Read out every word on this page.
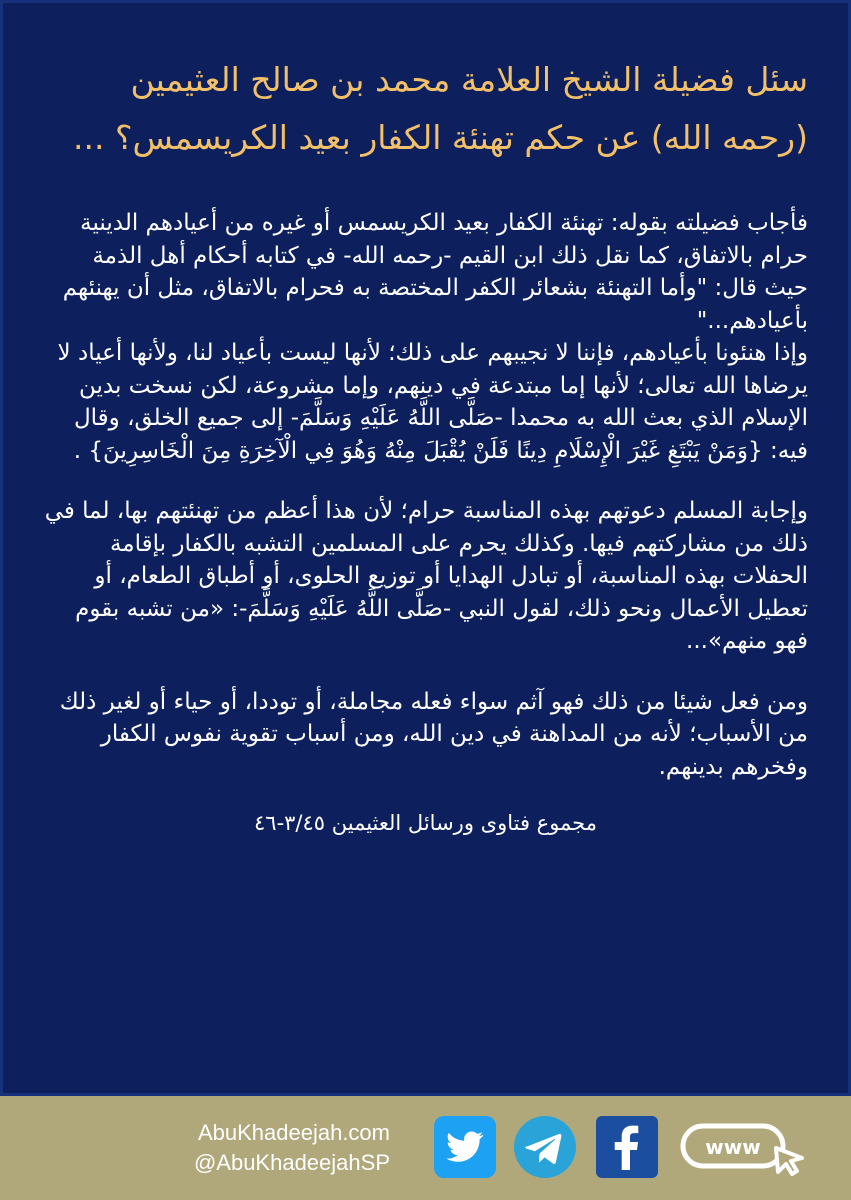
سئل فضيلة الشيخ العلامة محمد بن صالح العثيمين (رحمه الله) عن حكم تهنئة الكفار بعيد الكريسمس؟ ...

فأجاب فضيلته بقوله: تهنئة الكفار بعيد الكريسمس أو غيره من أعيادهم الدينية حرام بالاتفاق، كما نقل ذلك ابن القيم -رحمه الله- في كتابه أحكام أهل الذمة حيث قال: "وأما التهنئة بشعائر الكفر المختصة به فحرام بالاتفاق، مثل أن يهنئهم بأعيادهم..."

وإذا هنئونا بأعيادهم، فإننا لا نجيبهم على ذلك؛ لأنها ليست بأعياد لنا، ولأنها أعياد لا يرضاها الله تعالى؛ لأنها إما مبتدعة في دينهم، وإما مشروعة، لكن نسخت بدين الإسلام الذي بعث الله به محمدا -صَلَّى اللَّهُ عَلَيْهِ وَسَلَّمَ- إلى جميع الخلق، وقال فيه: {وَمَنْ يَبْتَغِ غَيْرَ الْإِسْلَامِ دِينًا فَلَنْ يُقْبَلَ مِنْهُ وَهُوَ فِي الْآخِرَةِ مِنَ الْخَاسِرِينَ} .

وإجابة المسلم دعوتهم بهذه المناسبة حرام؛ لأن هذا أعظم من تهنئتهم بها، لما في ذلك من مشاركتهم فيها. وكذلك يحرم على المسلمين التشبه بالكفار بإقامة الحفلات بهذه المناسبة، أو تبادل الهدايا أو توزيع الحلوى، أو أطباق الطعام، أو تعطيل الأعمال ونحو ذلك، لقول النبي -صَلَّى اللَّهُ عَلَيْهِ وَسَلَّمَ-: «من تشبه بقوم فهو منهم»...

ومن فعل شيئا من ذلك فهو آثم سواء فعله مجاملة، أو توددا، أو حياء أو لغير ذلك من الأسباب؛ لأنه من المداهنة في دين الله، ومن أسباب تقوية نفوس الكفار وفخرهم بدينهم.

مجموع فتاوى ورسائل العثيمين ٣/٤٥-٤٦
AbuKhadeejah.com
@AbuKhadeejahSP
www
